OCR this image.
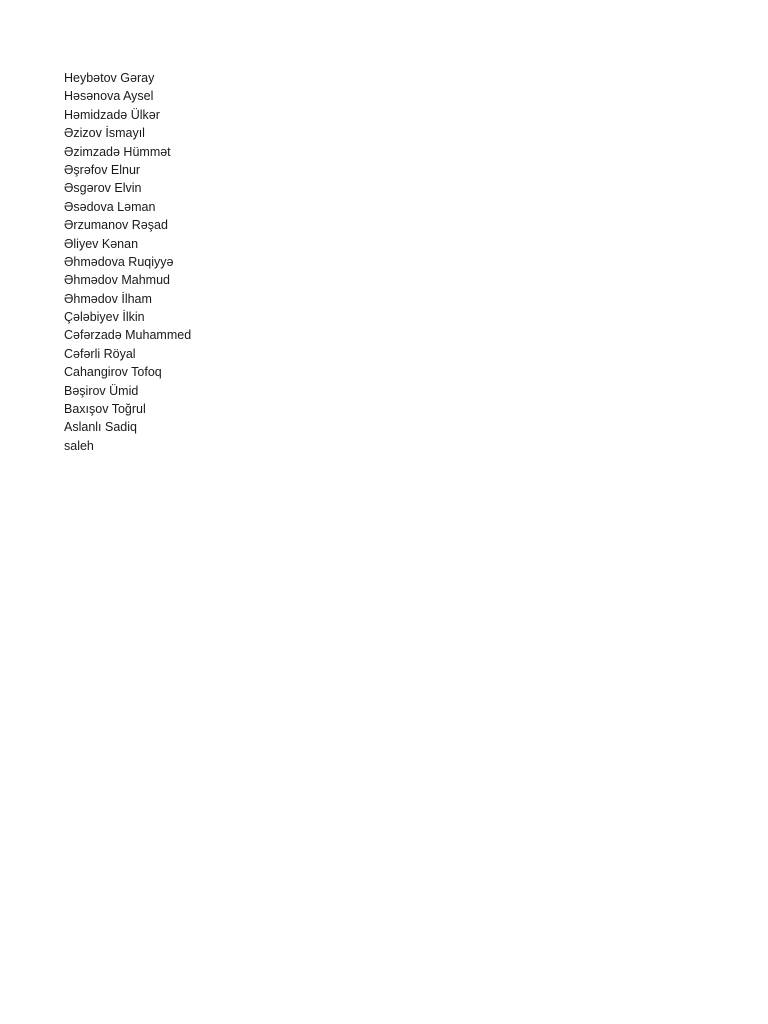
Heybətov Gəray
Həsənova Aysel
Həmidzadə Ülkər
Əzizov İsmayıl
Əzimzadə Hümmət
Əşrəfov Elnur
Əsgərov Elvin
Əsədova Ləman
Ərzumanov Rəşad
Əliyev Kənan
Əhmədova Ruqiyyə
Əhmədov Mahmud
Əhmədov İlham
Çələbiyev İlkin
Cəfərzadə Muhammed
Cəfərli Röyal
Cahangirov Tofoq
Bəşirov Ümid
Baxışov Toğrul
Aslanlı Sadiq
saleh
